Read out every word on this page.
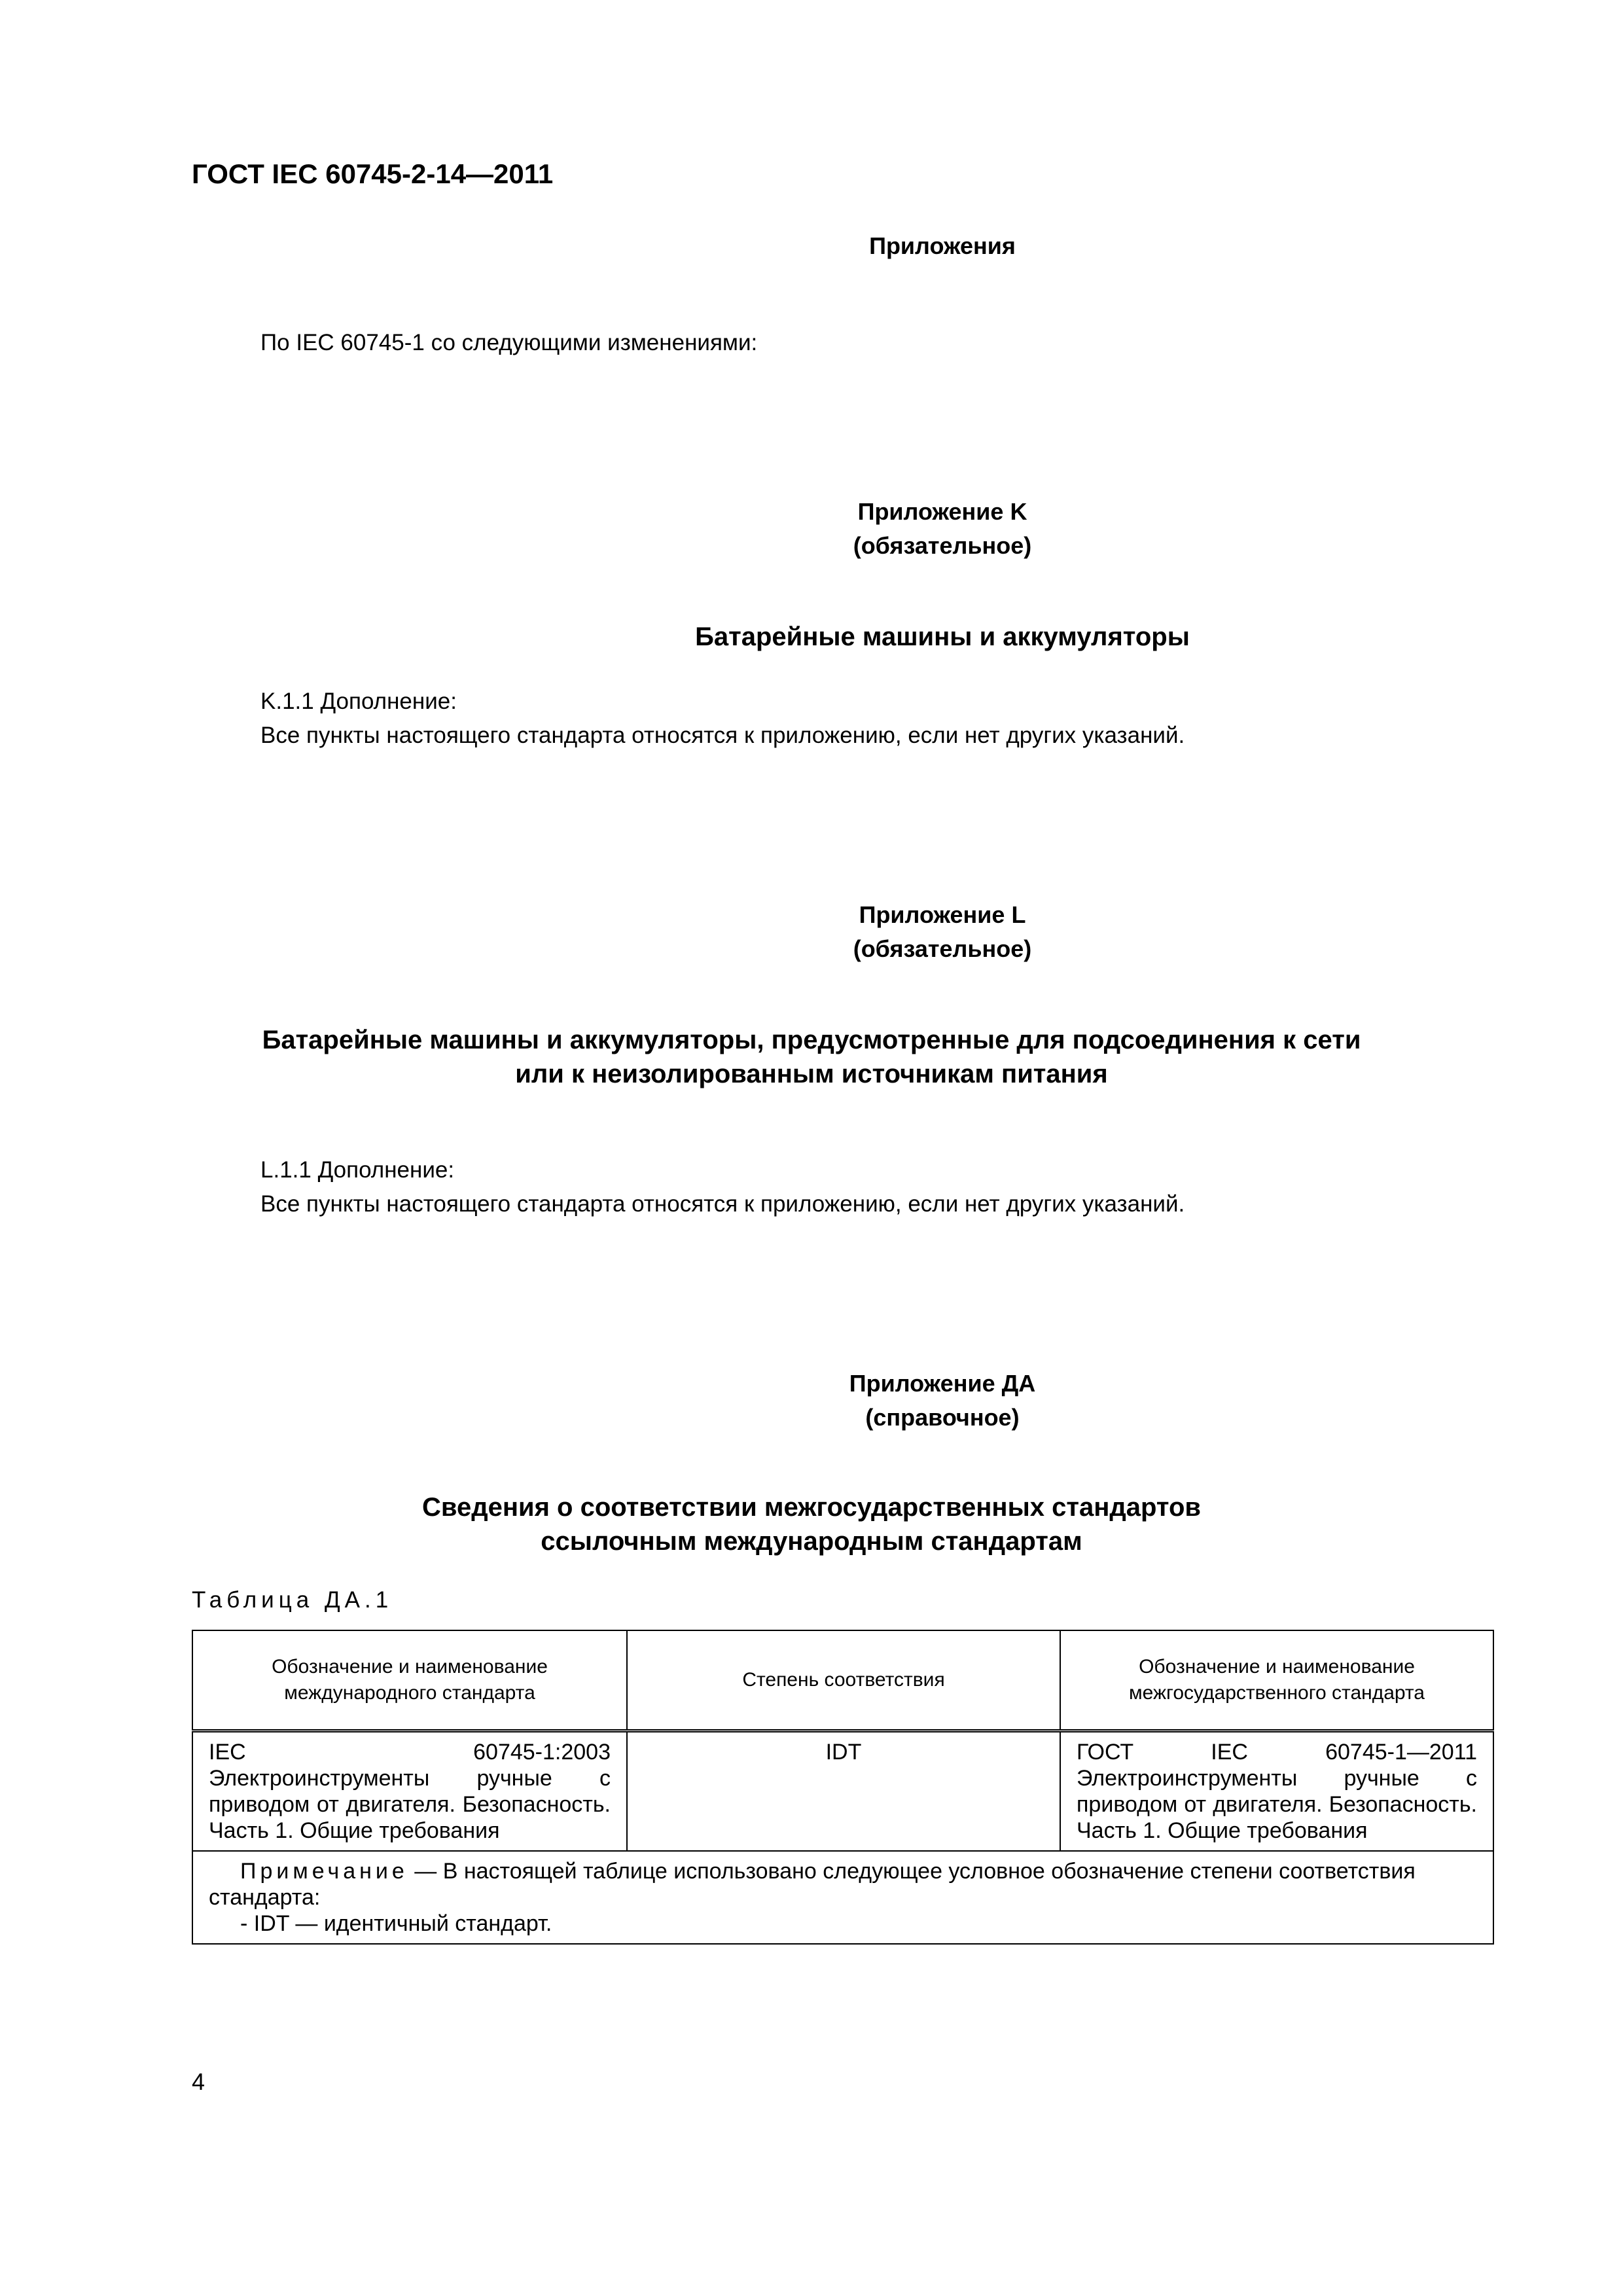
ГОСТ IEC 60745-2-14—2011
Приложения
По IEC 60745-1 со следующими изменениями:
Приложение K
(обязательное)
Батарейные машины и аккумуляторы
K.1.1 Дополнение:
Все пункты настоящего стандарта относятся к приложению, если нет других указаний.
Приложение L
(обязательное)
Батарейные машины и аккумуляторы, предусмотренные для подсоединения к сети
или к неизолированным источникам питания
L.1.1 Дополнение:
Все пункты настоящего стандарта относятся к приложению, если нет других указаний.
Приложение ДА
(справочное)
Сведения о соответствии межгосударственных стандартов
ссылочным международным стандартам
Таблица ДА.1
Обозначение и наименование международного стандарта	Степень соответствия	Обозначение и наименование межгосударственного стандарта
IEC 60745-1:2003 Электроинструменты ручные с приводом от двигателя. Безопасность. Часть 1. Общие требования	IDT	ГОСТ IEC 60745-1—2011 Электроинструменты ручные с приводом от двигателя. Безопасность. Часть 1. Общие требования
Примечание — В настоящей таблице использовано следующее условное обозначение степени соответствия стандарта:
- IDT — идентичный стандарт.		
4
